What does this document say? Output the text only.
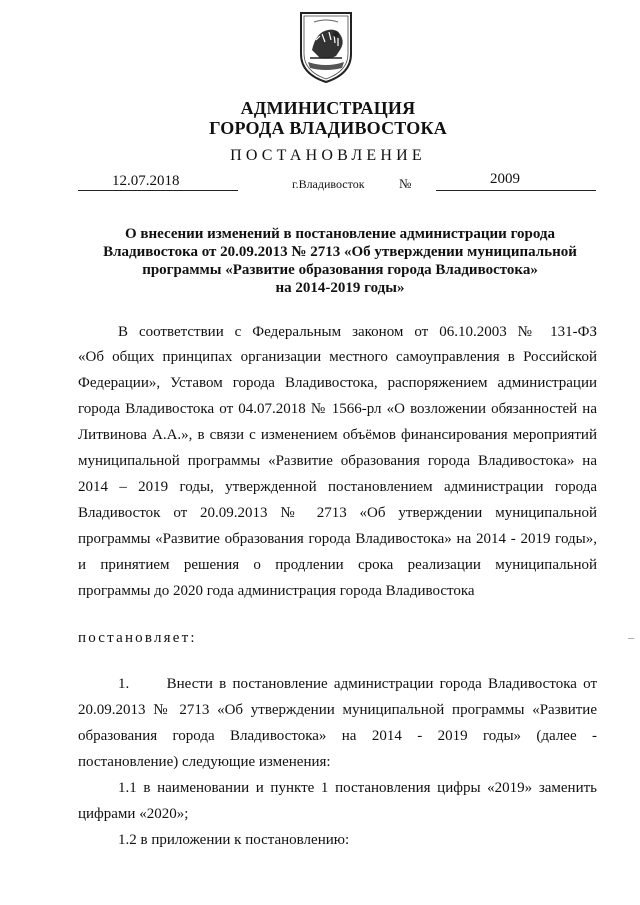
АДМИНИСТРАЦИЯ
ГОРОДА ВЛАДИВОСТОКА
ПОСТАНОВЛЕНИЕ
12.07.2018	г.Владивосток	№	2009
О внесении изменений в постановление администрации города
Владивостока от 20.09.2013 № 2713 «Об утверждении муниципальной
программы «Развитие образования города Владивостока»
на 2014-2019 годы»
В соответствии с Федеральным законом от 06.10.2003 № 131-ФЗ
«Об общих принципах организации местного самоуправления в Российской
Федерации», Уставом города Владивостока, распоряжением администрации
города Владивостока от 04.07.2018 № 1566-рл «О возложении обязанностей на
Литвинова А.А.», в связи с изменением объёмов финансирования мероприятий
муниципальной программы «Развитие образования города Владивостока» на
2014 – 2019 годы, утвержденной постановлением администрации города
Владивосток от 20.09.2013 № 2713 «Об утверждении муниципальной
программы «Развитие образования города Владивостока» на 2014 - 2019 годы»,
и принятием решения о продлении срока реализации муниципальной
программы до 2020 года администрация города Владивостока
постановляет:
1.      Внести в постановление администрации города Владивостока от
20.09.2013 № 2713 «Об утверждении муниципальной программы «Развитие
образования города Владивостока» на 2014 - 2019 годы» (далее -
постановление) следующие изменения:
1.1 в наименовании и пункте 1 постановления цифры «2019» заменить
цифрами «2020»;
1.2 в приложении к постановлению:
–
